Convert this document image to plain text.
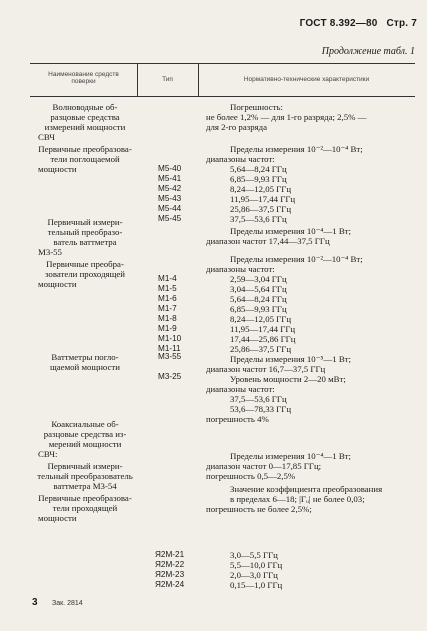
ГОСТ 8.392—80 Стр. 7
Продолжение табл. 1
Наименование средств
поверки	Тип	Нормативно-технические характеристики
Волноводные об-
разцовые средства
измерений мощности
СВЧ
Первичные преобразова-
тели поглощаемой
мощности
Первичный измери-
тельный преобразо-
ватель ваттметра
М3-55
Первичные преобра-
зователи проходящей
мощности
Ваттметры погло-
щаемой мощности
Коаксиальные об-
разцовые средства из-
мерений мощности
СВЧ:
Первичный измери-
тельный преобразователь
ваттметра М3-54
Первичные преобразова-
тели проходящей
мощности
М5-40
М5-41
М5-42
М5-43
М5-44
М5-45
М1-4
М1-5
М1-6
М1-7
М1-8
М1-9
М1-10
М1-11
М3-55
М3-25
Я2М-21
Я2М-22
Я2М-23
Я2М-24
Погрешность:
не более 1,2% — для 1-го разряда; 2,5% —
для 2-го разряда
Пределы измерения 10⁻²—10⁻⁴ Вт;
диапазоны частот:
5,64—8,24 ГГц
6,85—9,93 ГГц
8,24—12,05 ГГц
11,95—17,44 ГГц
25,86—37,5 ГГц
37,5—53,6 ГГц
Пределы измерения 10⁻⁴—1 Вт;
диапазон частот 17,44—37,5 ГГц
Пределы измерения 10⁻²—10⁻⁴ Вт;
диапазоны частот:
2,59—3,04 ГГц
3,04—5,64 ГГц
5,64—8,24 ГГц
6,85—9,93 ГГц
8,24—12,05 ГГц
11,95—17,44 ГГц
17,44—25,86 ГГц
25,86—37,5 ГГц
Пределы измерения 10⁻⁵—1 Вт;
диапазон частот 16,7—37,5 ГГц
Уровень мощности 2—20 мВт;
диапазоны частот:
37,5—53,6 ГГц
53,6—78,33 ГГц
погрешность 4%
Пределы измерения 10⁻⁴—1 Вт;
диапазон частот 0—17,85 ГГц;
погрешность 0,5—2,5%
Значение коэффициента преобразования
в пределах 6—18; |Γᵤ| не более 0,03;
погрешность не более 2,5%;
3,0—5,5 ГГц
5,5—10,0 ГГц
2,0—3,0 ГГц
0,15—1,0 ГГц
3 Зак. 2814
